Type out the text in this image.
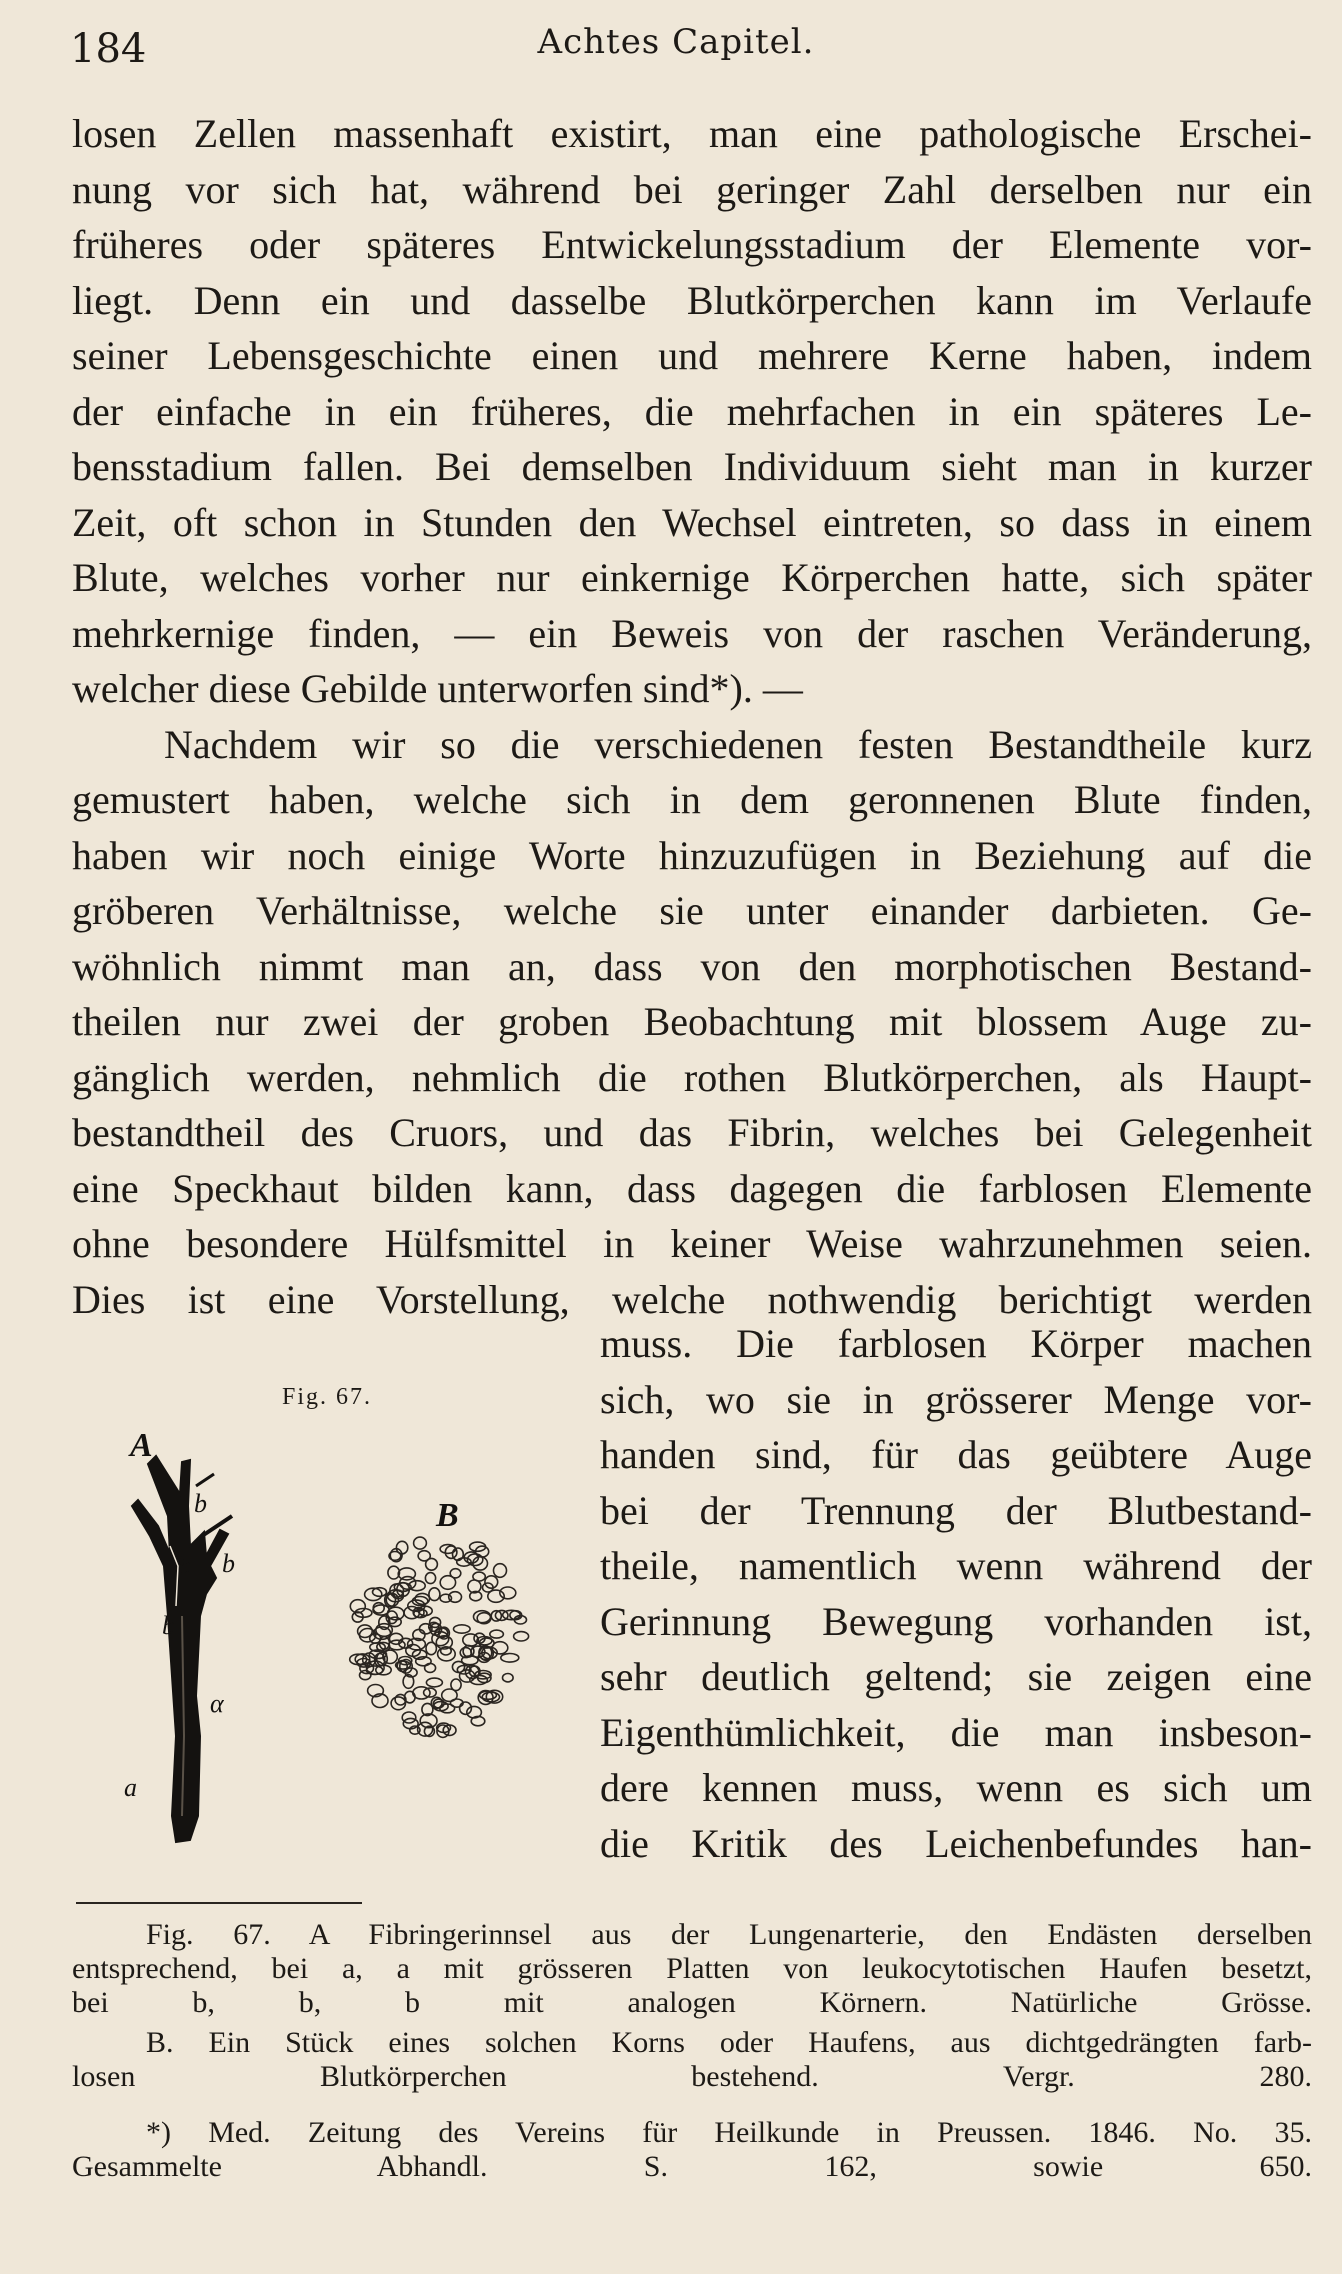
184	Achtes Capitel.

losen Zellen massenhaft existirt, man eine pathologische Erschei-
nung vor sich hat, während bei geringer Zahl derselben nur ein
früheres oder späteres Entwickelungsstadium der Elemente vor-
liegt. Denn ein und dasselbe Blutkörperchen kann im Verlaufe
seiner Lebensgeschichte einen und mehrere Kerne haben, indem
der einfache in ein früheres, die mehrfachen in ein späteres Le-
bensstadium fallen. Bei demselben Individuum sieht man in kurzer
Zeit, oft schon in Stunden den Wechsel eintreten, so dass in einem
Blute, welches vorher nur einkernige Körperchen hatte, sich später
mehrkernige finden, — ein Beweis von der raschen Veränderung,
welcher diese Gebilde unterworfen sind*). —

Nachdem wir so die verschiedenen festen Bestandtheile kurz
gemustert haben, welche sich in dem geronnenen Blute finden,
haben wir noch einige Worte hinzuzufügen in Beziehung auf die
gröberen Verhältnisse, welche sie unter einander darbieten. Ge-
wöhnlich nimmt man an, dass von den morphotischen Bestand-
theilen nur zwei der groben Beobachtung mit blossem Auge zu-
gänglich werden, nehmlich die rothen Blutkörperchen, als Haupt-
bestandtheil des Cruors, und das Fibrin, welches bei Gelegenheit
eine Speckhaut bilden kann, dass dagegen die farblosen Elemente
ohne besondere Hülfsmittel in keiner Weise wahrzunehmen seien.
Dies ist eine Vorstellung, welche nothwendig berichtigt werden

Fig. 67.
A
B
b
b b
b
α
a
muss. Die farblosen Körper machen
sich, wo sie in grösserer Menge vor-
handen sind, für das geübtere Auge
bei der Trennung der Blutbestand-
theile, namentlich wenn während der
Gerinnung Bewegung vorhanden ist,
sehr deutlich geltend; sie zeigen eine
Eigenthümlichkeit, die man insbeson-
dere kennen muss, wenn es sich um
die Kritik des Leichenbefundes han-
Fig. 67. A Fibringerinnsel aus der Lungenarterie, den Endästen derselben
entsprechend, bei a, a mit grösseren Platten von leukocytotischen Haufen besetzt,
bei b, b, b mit analogen Körnern. Natürliche Grösse.
B. Ein Stück eines solchen Korns oder Haufens, aus dichtgedrängten farb-
losen Blutkörperchen bestehend. Vergr. 280.
*) Med. Zeitung des Vereins für Heilkunde in Preussen. 1846. No. 35.
Gesammelte Abhandl. S. 162, sowie 650.
